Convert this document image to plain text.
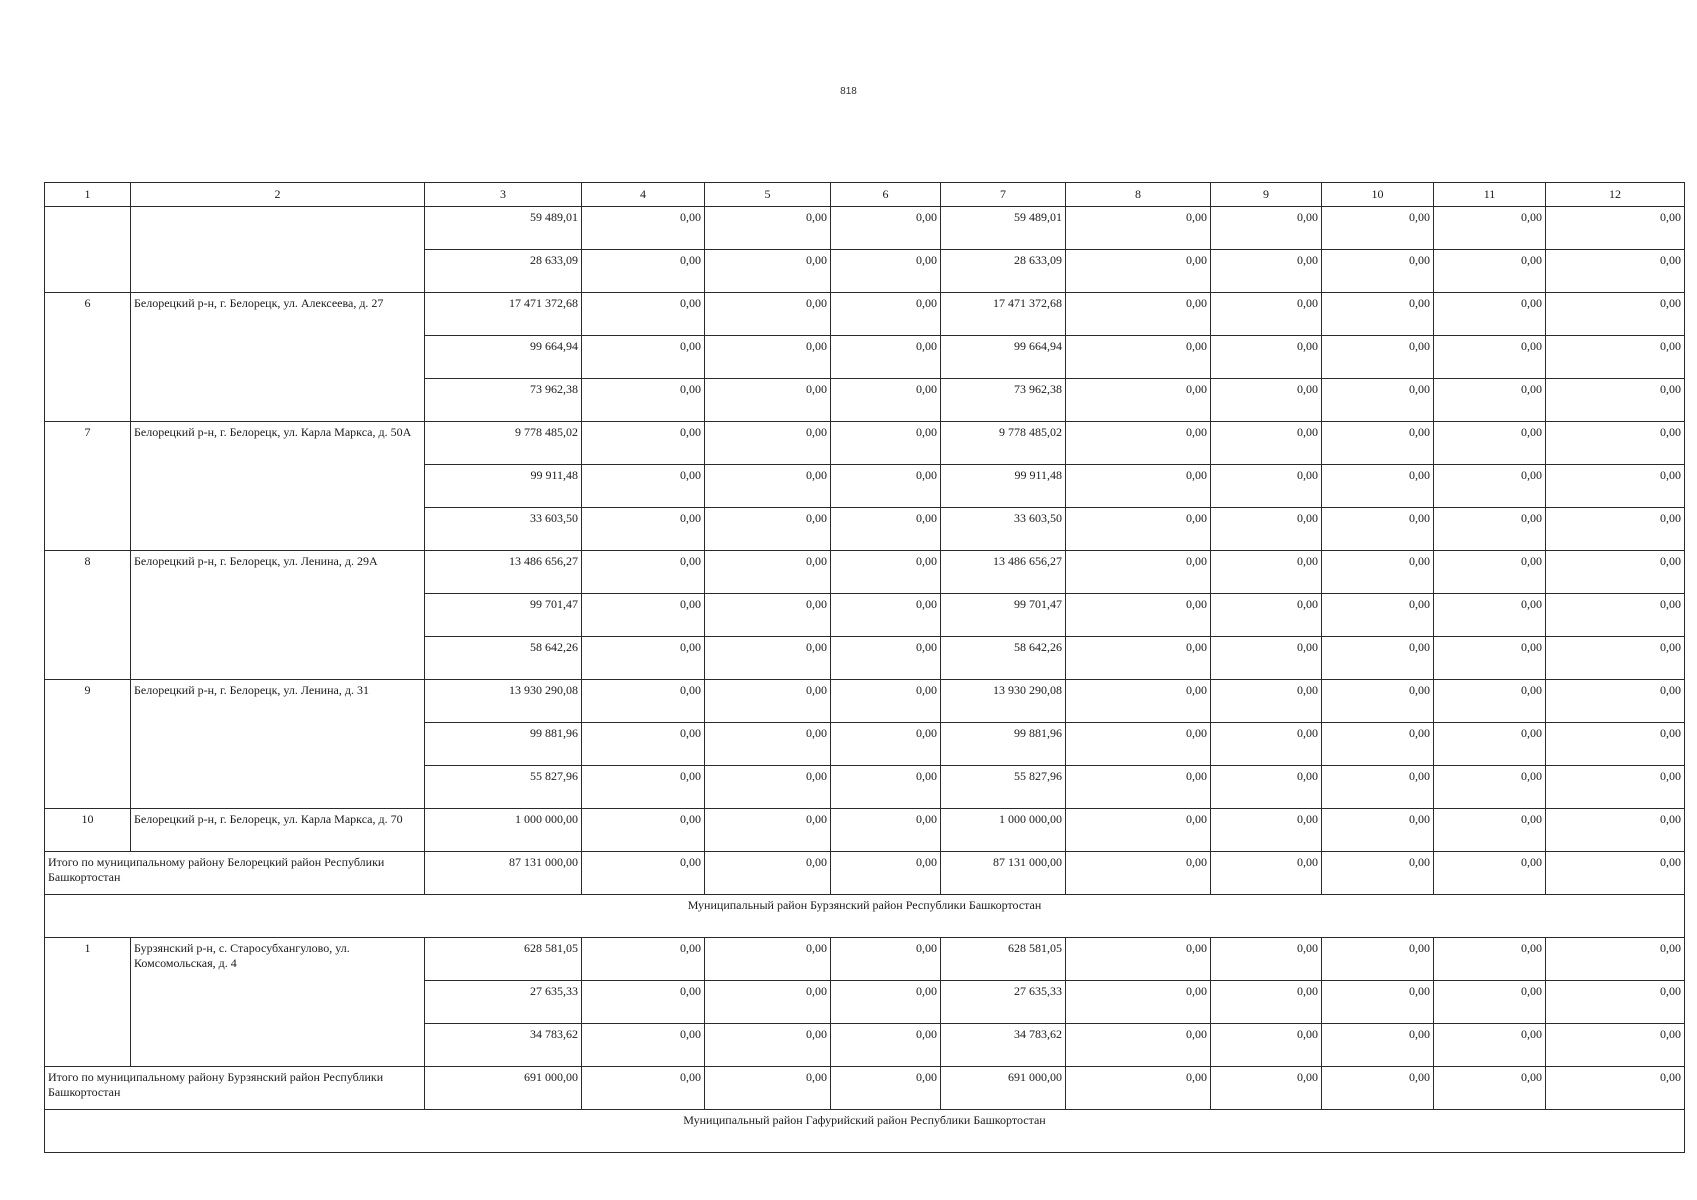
818
1	2	3	4	5	6	7	8	9	10	11	12
		59 489,01	0,00	0,00	0,00	59 489,01	0,00	0,00	0,00	0,00	0,00
		28 633,09	0,00	0,00	0,00	28 633,09	0,00	0,00	0,00	0,00	0,00
6	Белорецкий р-н, г. Белорецк, ул. Алексеева, д. 27	17 471 372,68	0,00	0,00	0,00	17 471 372,68	0,00	0,00	0,00	0,00	0,00
		99 664,94	0,00	0,00	0,00	99 664,94	0,00	0,00	0,00	0,00	0,00
		73 962,38	0,00	0,00	0,00	73 962,38	0,00	0,00	0,00	0,00	0,00
7	Белорецкий р-н, г. Белорецк, ул. Карла Маркса, д. 50А	9 778 485,02	0,00	0,00	0,00	9 778 485,02	0,00	0,00	0,00	0,00	0,00
		99 911,48	0,00	0,00	0,00	99 911,48	0,00	0,00	0,00	0,00	0,00
		33 603,50	0,00	0,00	0,00	33 603,50	0,00	0,00	0,00	0,00	0,00
8	Белорецкий р-н, г. Белорецк, ул. Ленина, д. 29А	13 486 656,27	0,00	0,00	0,00	13 486 656,27	0,00	0,00	0,00	0,00	0,00
		99 701,47	0,00	0,00	0,00	99 701,47	0,00	0,00	0,00	0,00	0,00
		58 642,26	0,00	0,00	0,00	58 642,26	0,00	0,00	0,00	0,00	0,00
9	Белорецкий р-н, г. Белорецк, ул. Ленина, д. 31	13 930 290,08	0,00	0,00	0,00	13 930 290,08	0,00	0,00	0,00	0,00	0,00
		99 881,96	0,00	0,00	0,00	99 881,96	0,00	0,00	0,00	0,00	0,00
		55 827,96	0,00	0,00	0,00	55 827,96	0,00	0,00	0,00	0,00	0,00
10	Белорецкий р-н, г. Белорецк, ул. Карла Маркса, д. 70	1 000 000,00	0,00	0,00	0,00	1 000 000,00	0,00	0,00	0,00	0,00	0,00
Итого по муниципальному району Белорецкий район Республики Башкортостан		87 131 000,00	0,00	0,00	0,00	87 131 000,00	0,00	0,00	0,00	0,00	0,00
Муниципальный район Бурзянский район Республики Башкортостан											
1	Бурзянский р-н, с. Старосубхангулово, ул. Комсомольская, д. 4	628 581,05	0,00	0,00	0,00	628 581,05	0,00	0,00	0,00	0,00	0,00
		27 635,33	0,00	0,00	0,00	27 635,33	0,00	0,00	0,00	0,00	0,00
		34 783,62	0,00	0,00	0,00	34 783,62	0,00	0,00	0,00	0,00	0,00
Итого по муниципальному району Бурзянский район Республики Башкортостан		691 000,00	0,00	0,00	0,00	691 000,00	0,00	0,00	0,00	0,00	0,00
Муниципальный район Гафурийский район Республики Башкортостан											
